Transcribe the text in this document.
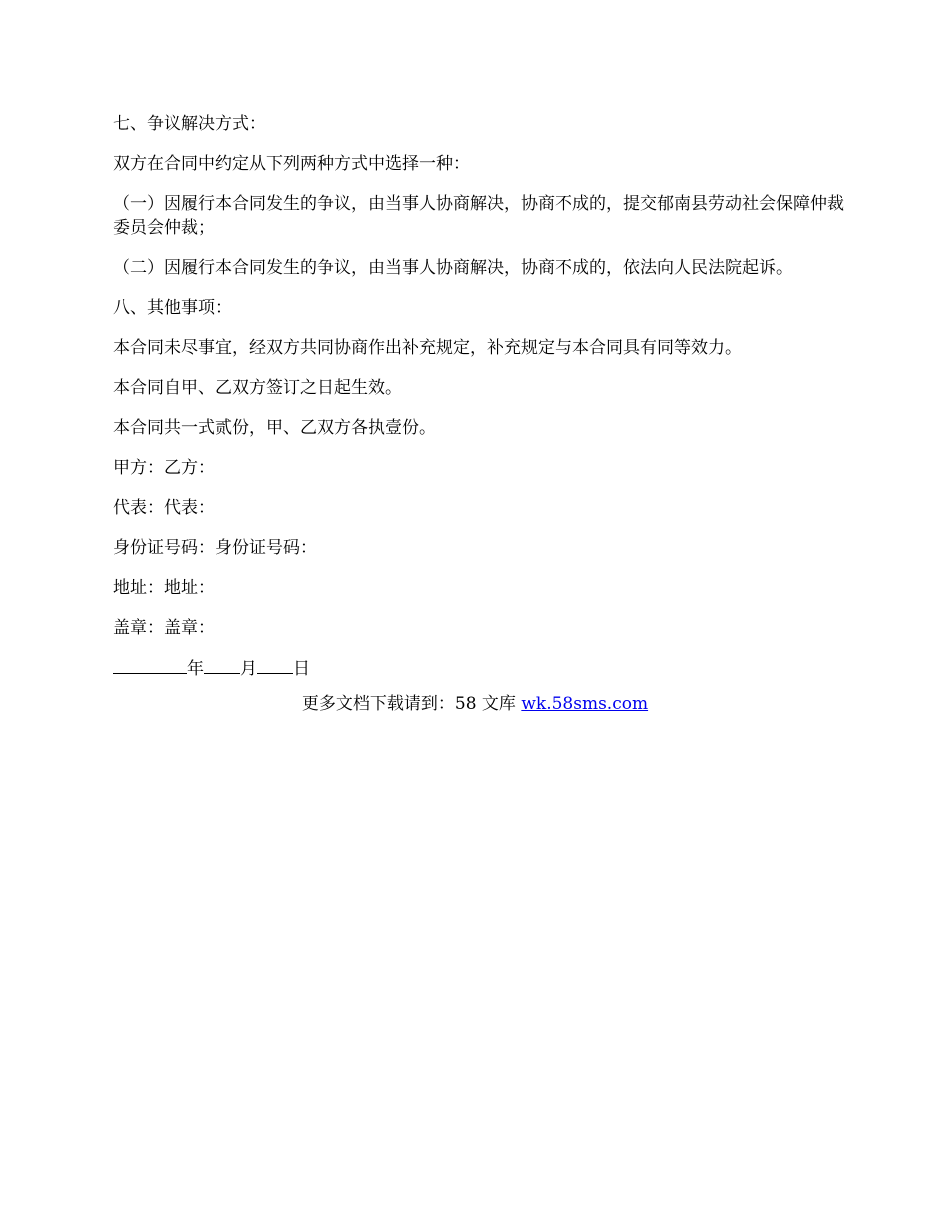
七、争议解决方式：

双方在合同中约定从下列两种方式中选择一种：

（一）因履行本合同发生的争议，由当事人协商解决，协商不成的，提交郁南县劳动社会保障仲裁委员会仲裁；

（二）因履行本合同发生的争议，由当事人协商解决，协商不成的，依法向人民法院起诉。

八、其他事项：

本合同未尽事宜，经双方共同协商作出补充规定，补充规定与本合同具有同等效力。

本合同自甲、乙双方签订之日起生效。

本合同共一式贰份，甲、乙双方各执壹份。

甲方：乙方：

代表：代表：

身份证号码：身份证号码：

地址：地址：

盖章：盖章：

年 月 日
更多文档下载请到：58 文库 wk.58sms.com
